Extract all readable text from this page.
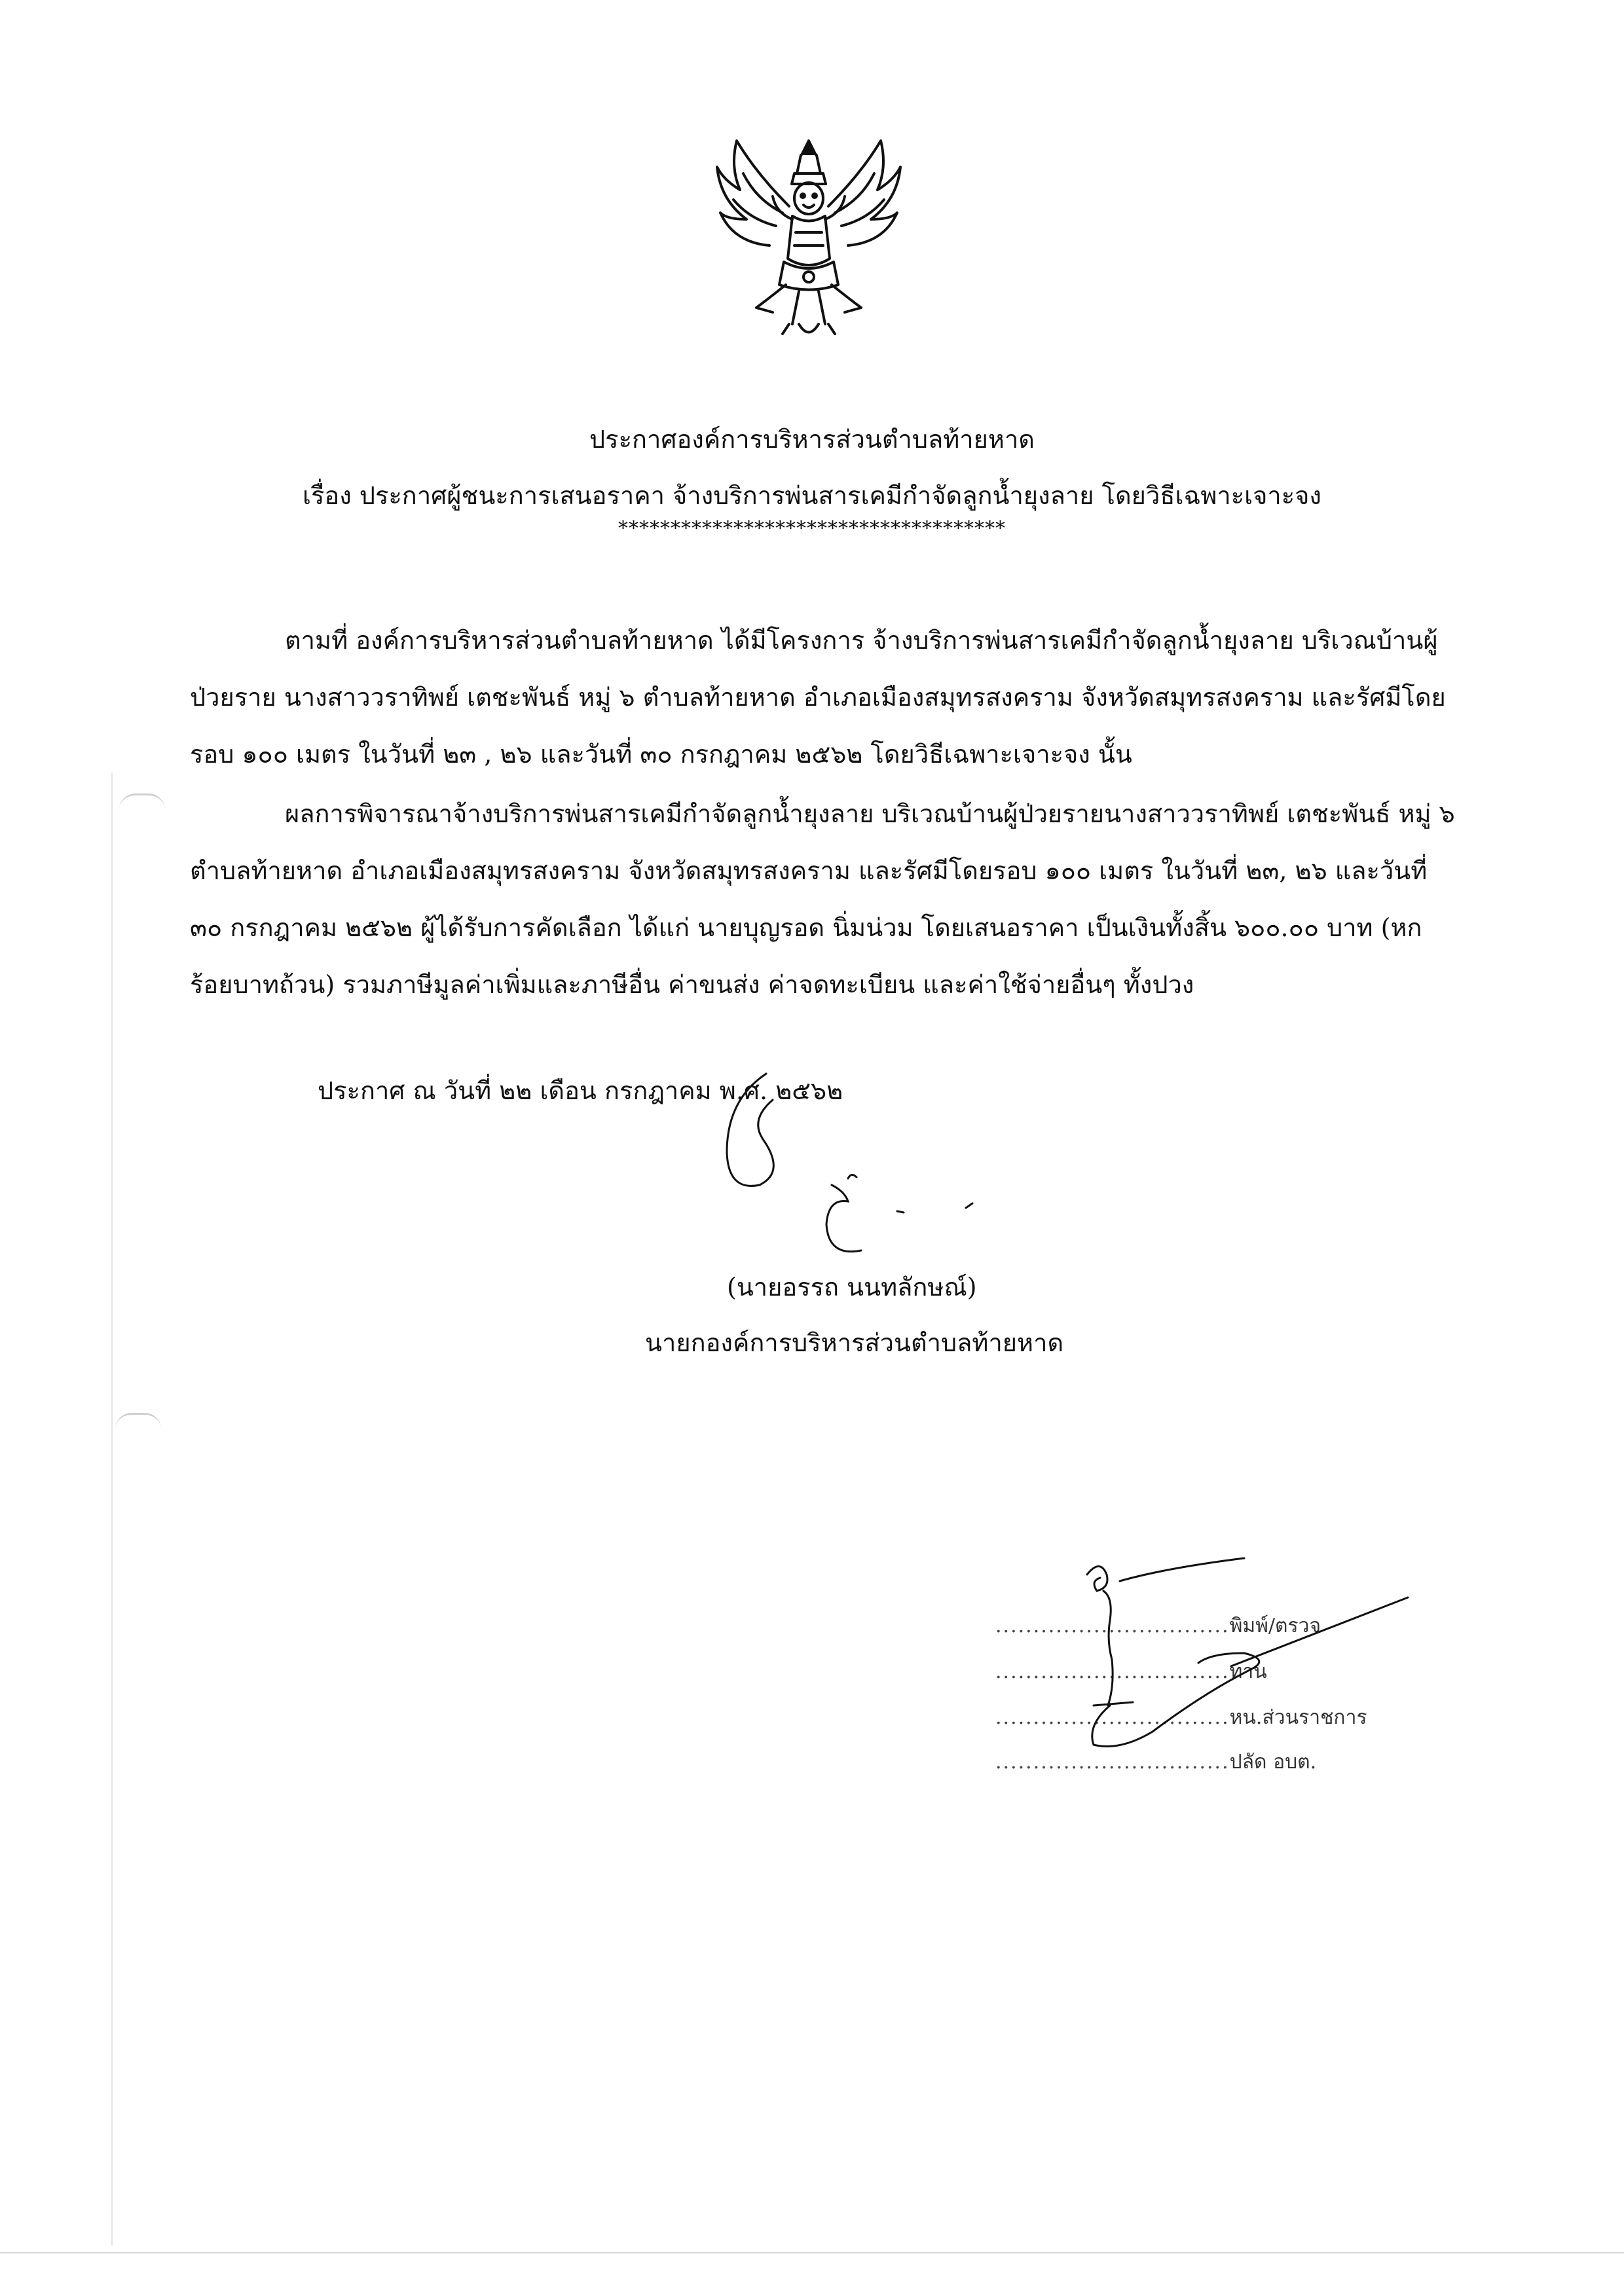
ประกาศองค์การบริหารส่วนตำบลท้ายหาด
เรื่อง ประกาศผู้ชนะการเสนอราคา จ้างบริการพ่นสารเคมีกำจัดลูกน้ำยุงลาย โดยวิธีเฉพาะเจาะจง
*************************************

ตามที่ องค์การบริหารส่วนตำบลท้ายหาด ได้มีโครงการ จ้างบริการพ่นสารเคมีกำจัดลูกน้ำยุงลาย บริเวณบ้านผู้ป่วยราย นางสาววราทิพย์ เตชะพันธ์ หมู่ ๖ ตำบลท้ายหาด อำเภอเมืองสมุทรสงคราม จังหวัดสมุทรสงคราม และรัศมีโดยรอบ ๑๐๐ เมตร ในวันที่ ๒๓ , ๒๖ และวันที่ ๓๐ กรกฎาคม ๒๕๖๒ โดยวิธีเฉพาะเจาะจง นั้น

ผลการพิจารณาจ้างบริการพ่นสารเคมีกำจัดลูกน้ำยุงลาย บริเวณบ้านผู้ป่วยรายนางสาววราทิพย์ เตชะพันธ์ หมู่ ๖ ตำบลท้ายหาด อำเภอเมืองสมุทรสงคราม จังหวัดสมุทรสงคราม และรัศมีโดยรอบ ๑๐๐ เมตร ในวันที่ ๒๓, ๒๖ และวันที่ ๓๐ กรกฎาคม ๒๕๖๒ ผู้ได้รับการคัดเลือก ได้แก่ นายบุญรอด นิ่มน่วม โดยเสนอราคา เป็นเงินทั้งสิ้น ๖๐๐.๐๐ บาท (หกร้อยบาทถ้วน) รวมภาษีมูลค่าเพิ่มและภาษีอื่น ค่าขนส่ง ค่าจดทะเบียน และค่าใช้จ่ายอื่นๆ ทั้งปวง

ประกาศ ณ วันที่ ๒๒ เดือน กรกฎาคม พ.ศ. ๒๕๖๒
(นายอรรถ นนทลักษณ์)
นายกองค์การบริหารส่วนตำบลท้ายหาด
...............................พิมพ์/ตรวจ
...............................ทาน
...............................หน.ส่วนราชการ
...............................ปลัด อบต.
